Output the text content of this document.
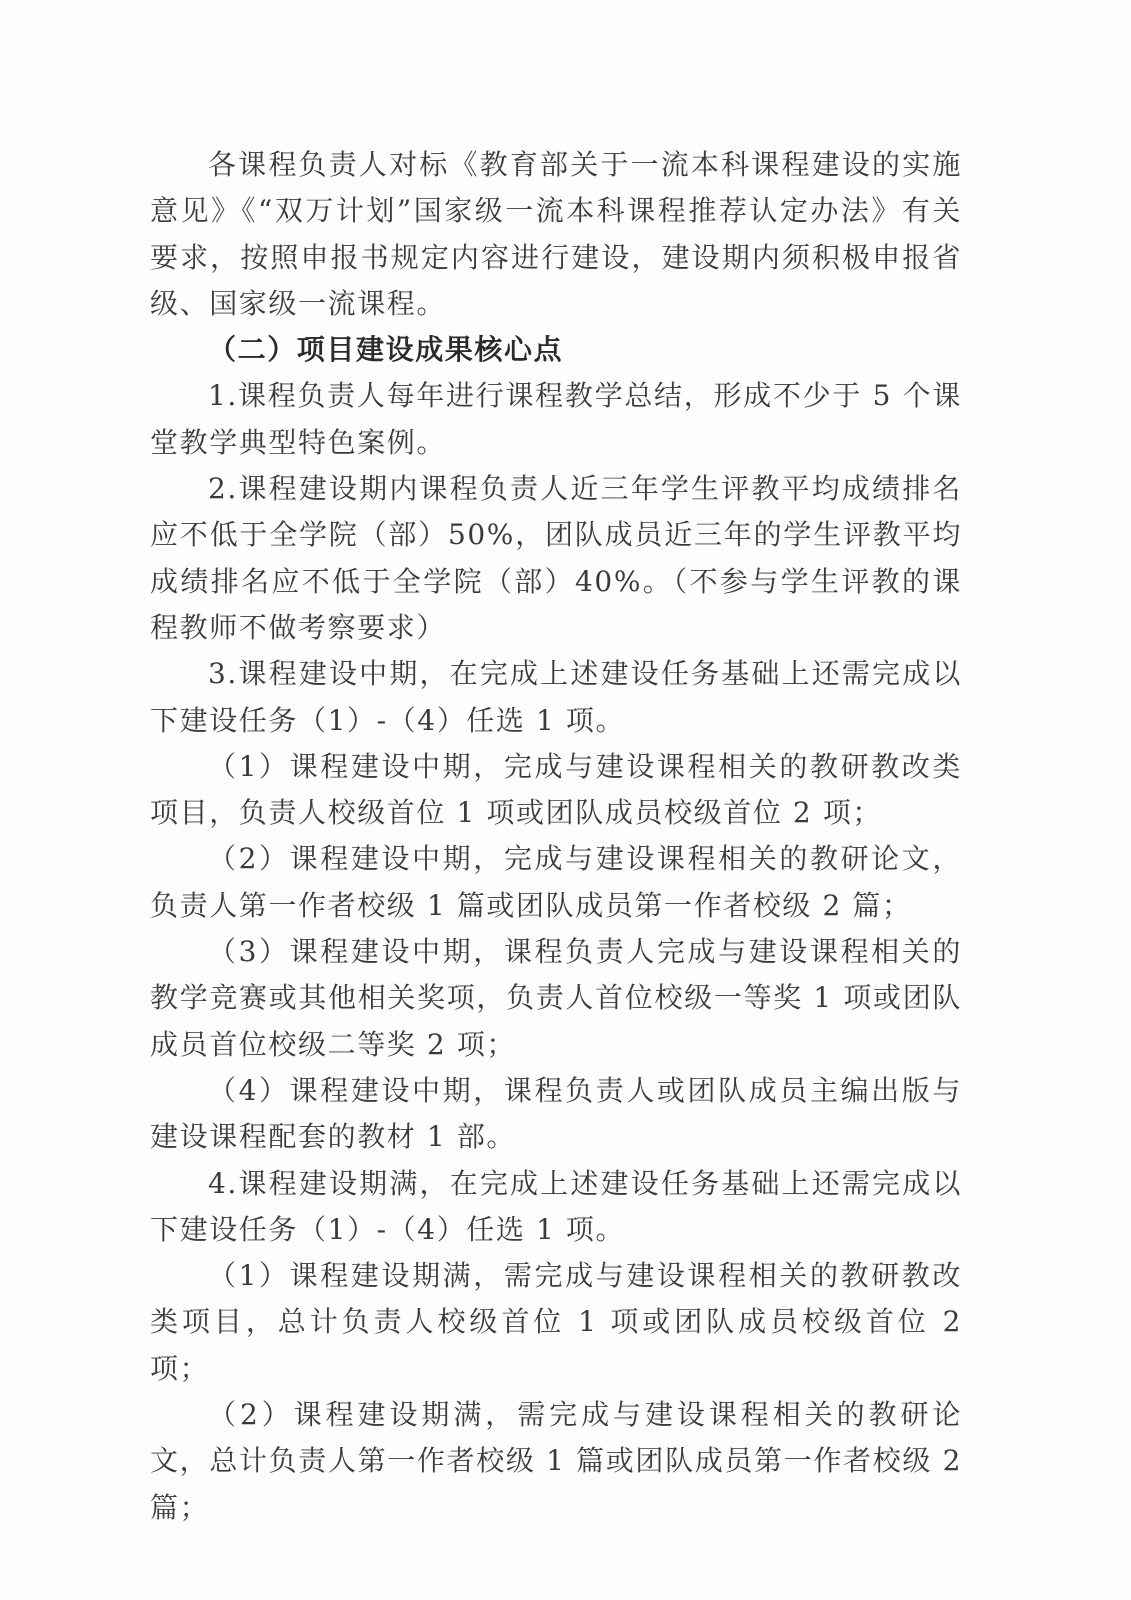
各课程负责人对标《教育部关于一流本科课程建设的实施意见》《“双万计划”国家级一流本科课程推荐认定办法》有关要求，按照申报书规定内容进行建设，建设期内须积极申报省级、国家级一流课程。

（二）项目建设成果核心点

1.课程负责人每年进行课程教学总结，形成不少于 5 个课堂教学典型特色案例。

2.课程建设期内课程负责人近三年学生评教平均成绩排名应不低于全学院（部）50%，团队成员近三年的学生评教平均成绩排名应不低于全学院（部）40%。（不参与学生评教的课程教师不做考察要求）

3.课程建设中期，在完成上述建设任务基础上还需完成以下建设任务（1）-（4）任选 1 项。

（1）课程建设中期，完成与建设课程相关的教研教改类项目，负责人校级首位 1 项或团队成员校级首位 2 项；

（2）课程建设中期，完成与建设课程相关的教研论文，负责人第一作者校级 1 篇或团队成员第一作者校级 2 篇；

（3）课程建设中期，课程负责人完成与建设课程相关的教学竞赛或其他相关奖项，负责人首位校级一等奖 1 项或团队成员首位校级二等奖 2 项；

（4）课程建设中期，课程负责人或团队成员主编出版与建设课程配套的教材 1 部。

4.课程建设期满，在完成上述建设任务基础上还需完成以下建设任务（1）-（4）任选 1 项。

（1）课程建设期满，需完成与建设课程相关的教研教改类项目，总计负责人校级首位 1 项或团队成员校级首位 2 项；

（2）课程建设期满，需完成与建设课程相关的教研论文，总计负责人第一作者校级 1 篇或团队成员第一作者校级 2 篇；
